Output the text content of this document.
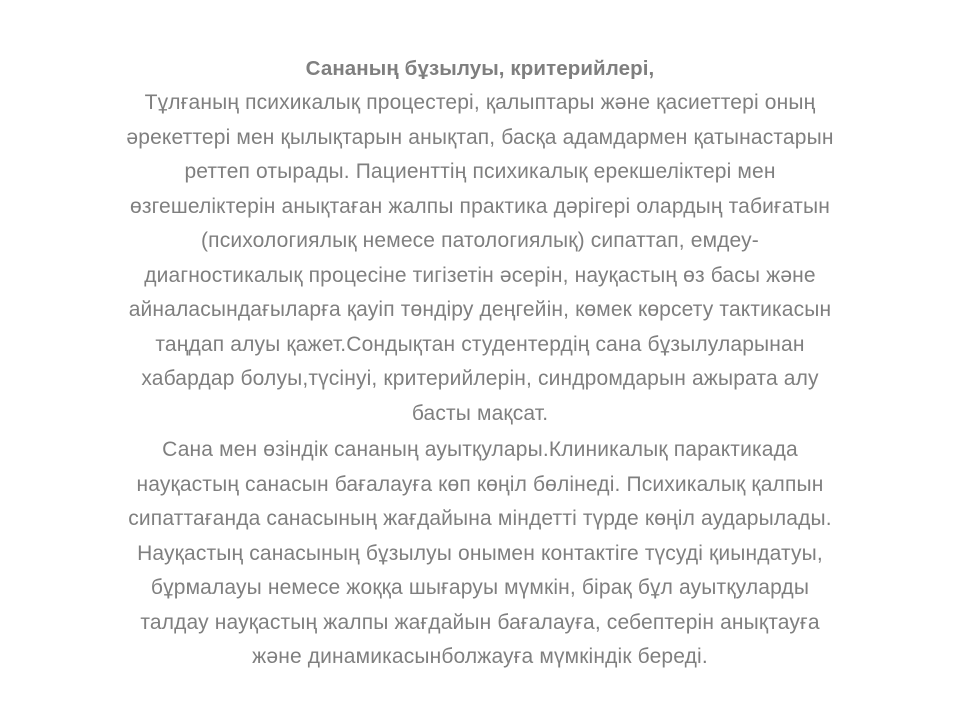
Сананың бұзылуы, критерийлері,

Тұлғаның психикалық процестері, қалыптары және қасиеттері оның
әрекеттері мен қылықтарын анықтап, басқа адамдармен қатынастарын
реттеп отырады. Пациенттің психикалық ерекшеліктері мен
өзгешеліктерін анықтаған жалпы практика дәрігері олардың табиғатын
(психологиялық немесе патологиялық) сипаттап, емдеу-
диагностикалық процесіне тигізетін әсерін, науқастың өз басы және
айналасындағыларға қауіп төндіру деңгейін, көмек көрсету тактикасын
таңдап алуы қажет.Сондықтан студентердің сана бұзылуларынан
хабардар болуы,түсінуі, критерийлерін, синдромдарын ажырата алу
басты мақсат.

Сана мен өзіндік сананың ауытқулары.Клиникалық парактикада
науқастың санасын бағалауға көп көңіл бөлінеді. Психикалық қалпын
сипаттағанда санасының жағдайына міндетті түрде көңіл аударылады.
Науқастың санасының бұзылуы онымен контактіге түсуді қиындатуы,
бұрмалауы немесе жоққа шығаруы мүмкін, бірақ бұл ауытқуларды
талдау науқастың жалпы жағдайын бағалауға, себептерін анықтауға
және динамикасынболжауға мүмкіндік береді.
